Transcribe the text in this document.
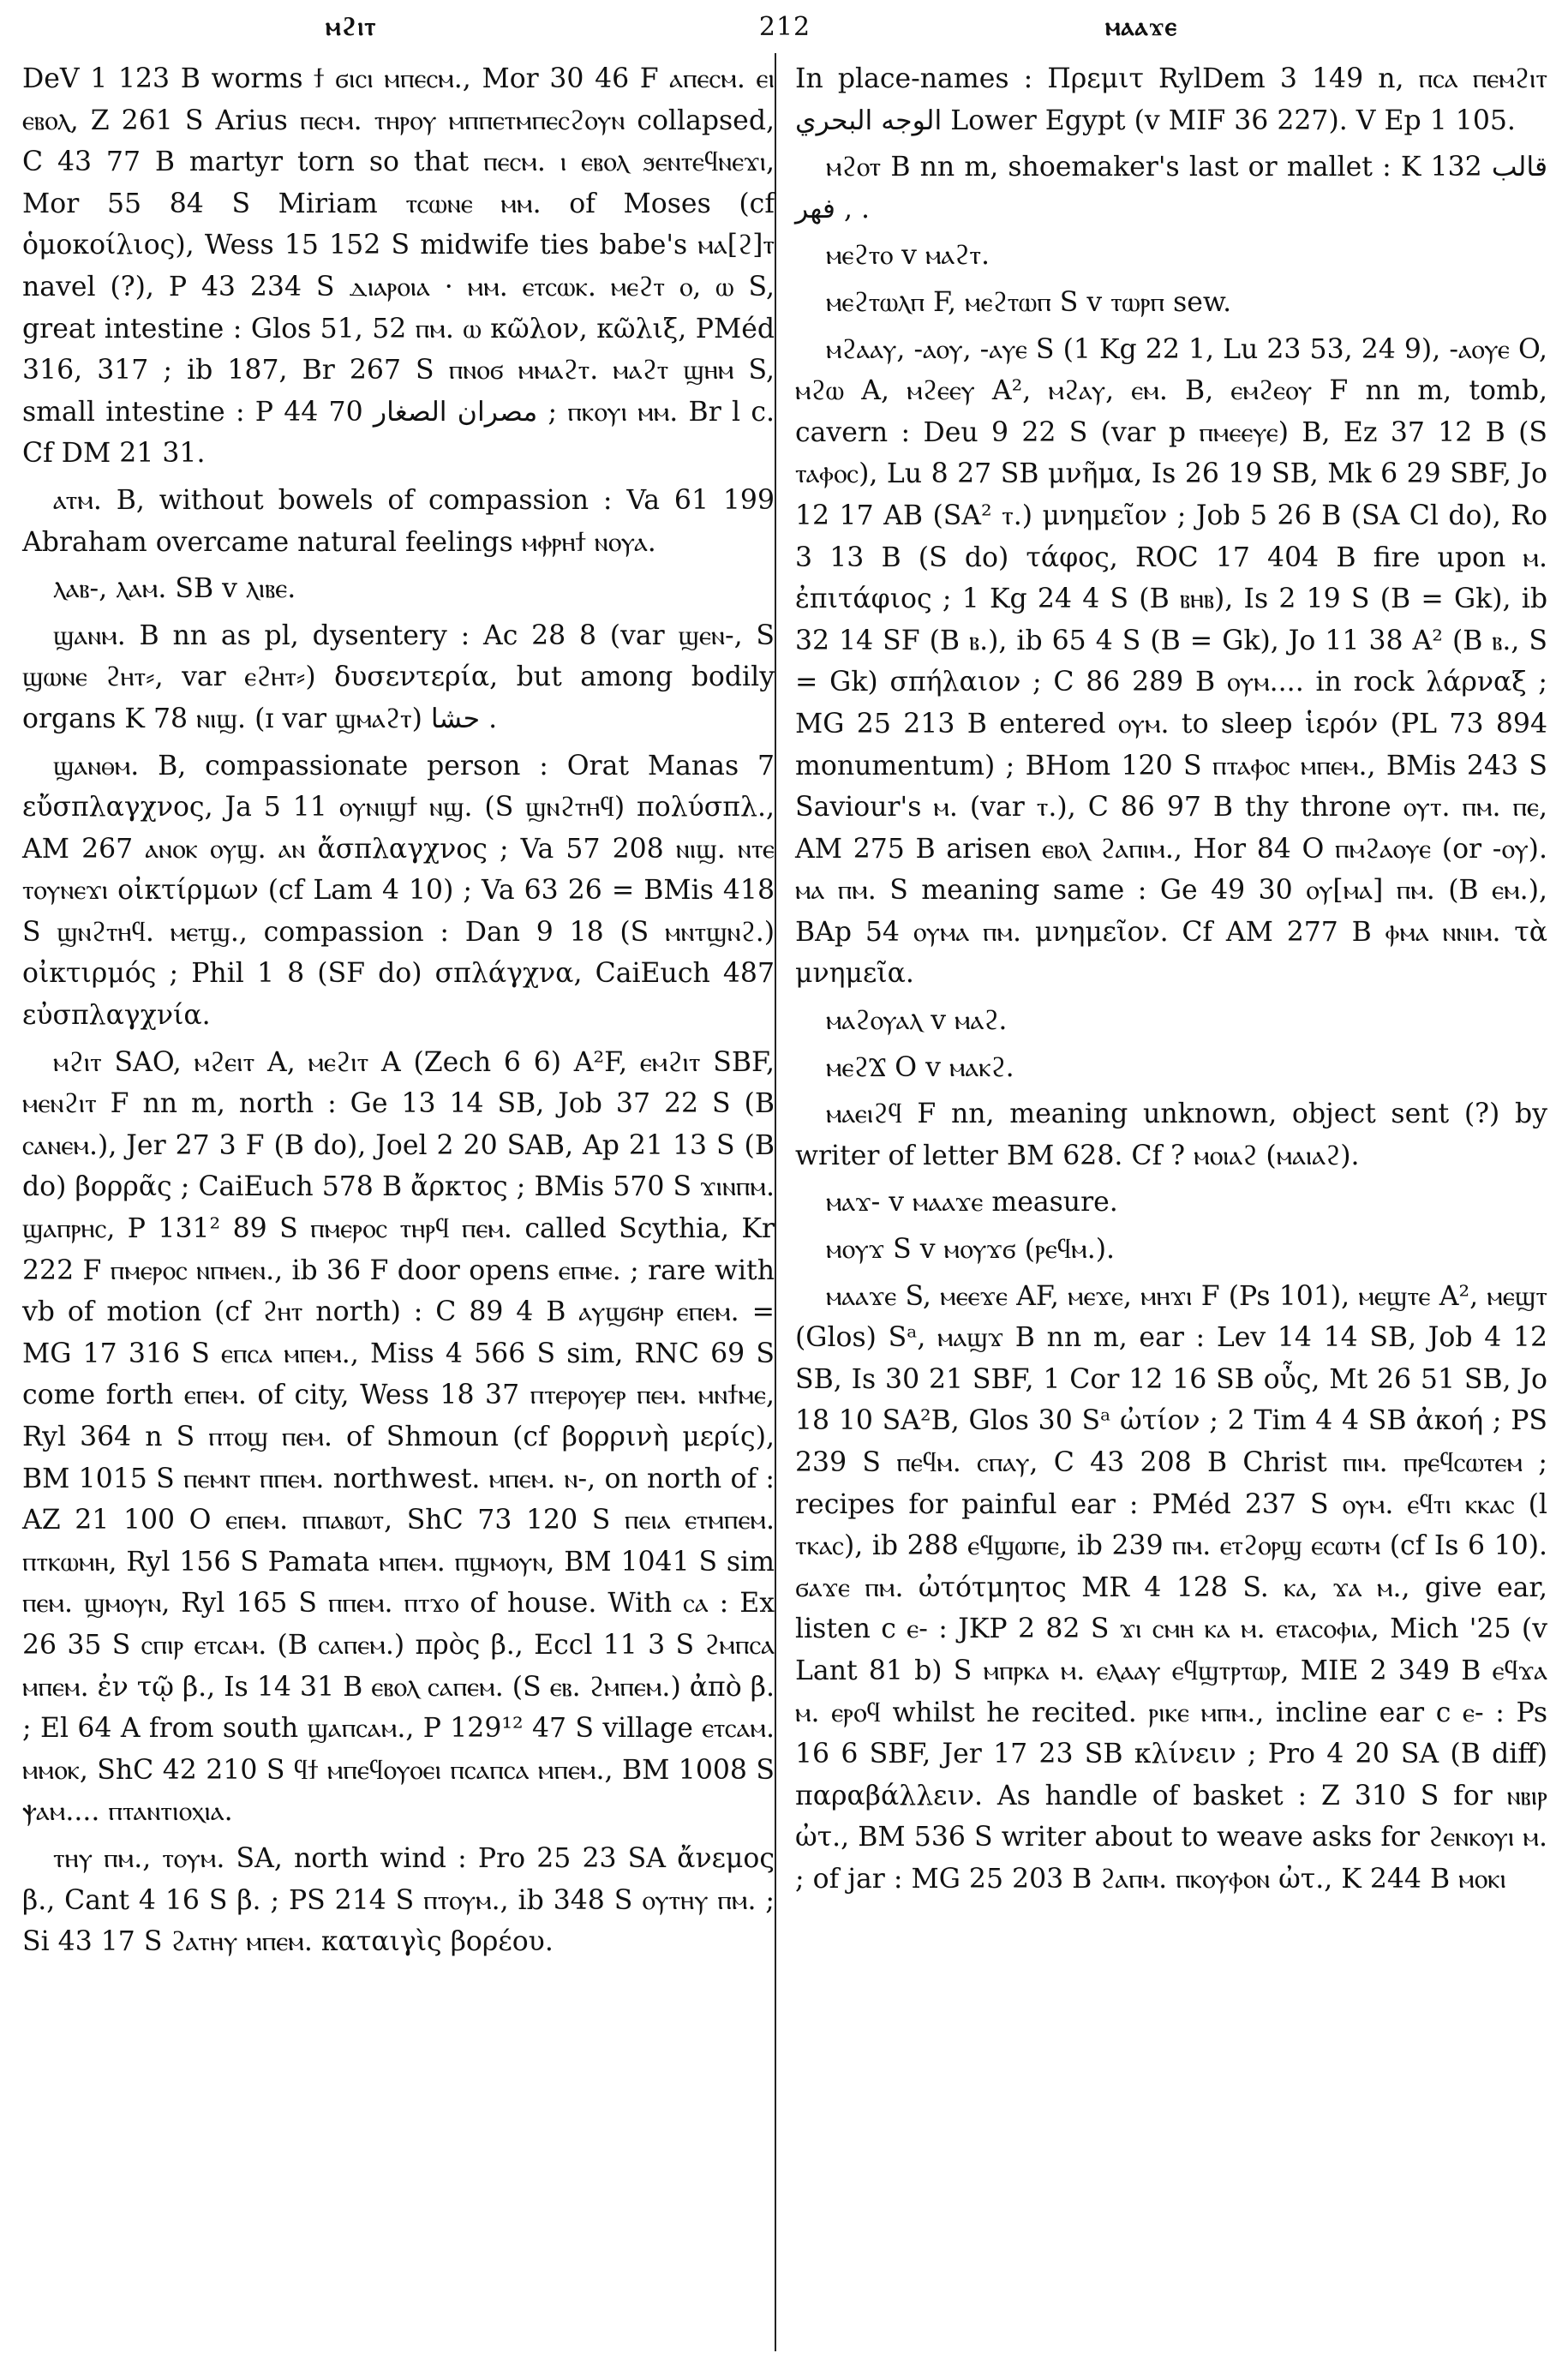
ⲙϩⲓⲧ	212	ⲙⲁⲁϫⲉ

DeV 1 123 B worms ϯ ϭⲓⲥⲓ ⲙⲡⲉⲥⲙ., Mor 30 46 F ⲁⲡⲉⲥⲙ. ⲉⲓ ⲉⲃⲟⲗ, Z 261 S Arius ⲡⲉⲥⲙ. ⲧⲏⲣⲟⲩ ⲙⲡⲡⲉⲧⲙⲡⲉⲥϩⲟⲩⲛ collapsed, C 43 77 B martyr torn so that ⲡⲉⲥⲙ. ⲓ ⲉⲃⲟⲗ ϧⲉⲛⲧⲉϥⲛⲉϫⲓ, Mor 55 84 S Miriam ⲧⲥⲱⲛⲉ ⲙⲙ. of Moses (cf ὁμοκοίλιος), Wess 15 152 S midwife ties babe's ⲙⲁ[ϩ]ⲧ navel (?), P 43 234 S ⲇⲓⲁⲣⲟⲓⲁ · ⲙⲙ. ⲉⲧⲥⲱⲕ. ⲙⲉϩⲧ ⲟ, ⲱ S, great intestine : Glos 51, 52 ⲡⲙ. ⲱ κῶλον, κῶλιξ, PMéd 316, 317 ; ib 187, Br 267 S ⲡⲛⲟϭ ⲙⲙⲁϩⲧ. ⲙⲁϩⲧ ϣⲏⲙ S, small intestine : P 44 70 مصران الصغار ; ⲡⲕⲟⲩⲓ ⲙⲙ. Br l c. Cf DM 21 31.

ⲁⲧⲙ. B, without bowels of compassion : Va 61 199 Abraham overcame natural feelings ⲙⲫⲣⲏϯ ⲛⲟⲩⲁ.

ⲗⲁⲃ-, ⲗⲁⲙ. SB v ⲗⲓⲃⲉ.

ϣⲁⲛⲙ. B nn as pl, dysentery : Ac 28 8 (var ϣⲉⲛ-, S ϣⲱⲛⲉ ϩⲏⲧ⸗, var ⲉϩⲏⲧ⸗) δυσεντερία, but among bodily organs K 78 ⲛⲓϣ. (ɪ var ϣⲙⲁϩⲧ) حشا .

ϣⲁⲛⲑⲙ. B, compassionate person : Orat Manas 7 εὔσπλαγχνος, Ja 5 11 ⲟⲩⲛⲓϣϯ ⲛϣ. (S ϣⲛϩⲧⲏϥ) πολύσπλ., AM 267 ⲁⲛⲟⲕ ⲟⲩϣ. ⲁⲛ ἄσπλαγχνος ; Va 57 208 ⲛⲓϣ. ⲛⲧⲉ ⲧⲟⲩⲛⲉϫⲓ οἰκτίρμων (cf Lam 4 10) ; Va 63 26 = BMis 418 S ϣⲛϩⲧⲏϥ. ⲙⲉⲧϣ., compassion : Dan 9 18 (S ⲙⲛⲧϣⲛϩ.) οἰκτιρμός ; Phil 1 8 (SF do) σπλάγχνα, CaiEuch 487 εὐσπλαγχνία.

ⲙϩⲓⲧ SAO, ⲙϩⲉⲓⲧ A, ⲙⲉϩⲓⲧ A (Zech 6 6) A²F, ⲉⲙϩⲓⲧ SBF, ⲙⲉⲛϩⲓⲧ F nn m, north : Ge 13 14 SB, Job 37 22 S (B ⲥⲁⲛⲉⲙ.), Jer 27 3 F (B do), Joel 2 20 SAB, Ap 21 13 S (B do) βορρᾶς ; CaiEuch 578 B ἄρκτος ; BMis 570 S ϫⲓⲛⲡⲙ. ϣⲁⲡⲣⲏⲥ, P 131² 89 S ⲡⲙⲉⲣⲟⲥ ⲧⲏⲣϥ ⲡⲉⲙ. called Scythia, Kr 222 F ⲡⲙⲉⲣⲟⲥ ⲛⲡⲙⲉⲛ., ib 36 F door opens ⲉⲡⲙⲉ. ; rare with vb of motion (cf ϩⲏⲧ north) : C 89 4 B ⲁⲩϣϭⲏⲣ ⲉⲡⲉⲙ. = MG 17 316 S ⲉⲡⲥⲁ ⲙⲡⲉⲙ., Miss 4 566 S sim, RNC 69 S come forth ⲉⲡⲉⲙ. of city, Wess 18 37 ⲡⲧⲉⲣⲟⲩⲉⲣ ⲡⲉⲙ. ⲙⲛϯⲙⲉ, Ryl 364 n S ⲡⲧⲟϣ ⲡⲉⲙ. of Shmoun (cf βορρινὴ μερίς), BM 1015 S ⲡⲉⲙⲛⲧ ⲡⲡⲉⲙ. northwest. ⲙⲡⲉⲙ. ⲛ-, on north of : AZ 21 100 O ⲉⲡⲉⲙ. ⲡⲡⲁⲃⲱⲧ, ShC 73 120 S ⲡⲉⲓⲁ ⲉⲧⲙⲡⲉⲙ. ⲡⲧⲕⲱⲙⲏ, Ryl 156 S Pamata ⲙⲡⲉⲙ. ⲡϣⲙⲟⲩⲛ, BM 1041 S sim ⲡⲉⲙ. ϣⲙⲟⲩⲛ, Ryl 165 S ⲡⲡⲉⲙ. ⲡⲧϫⲟ of house. With ⲥⲁ : Ex 26 35 S ⲥⲡⲓⲣ ⲉⲧⲥⲁⲙ. (B ⲥⲁⲡⲉⲙ.) πρὸς β., Eccl 11 3 S ϩⲙⲡⲥⲁ ⲙⲡⲉⲙ. ἐν τῷ β., Is 14 31 B ⲉⲃⲟⲗ ⲥⲁⲡⲉⲙ. (S ⲉⲃ. ϩⲙⲡⲉⲙ.) ἀπὸ β. ; El 64 A from south ϣⲁⲡⲥⲁⲙ., P 129¹² 47 S village ⲉⲧⲥⲁⲙ. ⲙⲙⲟⲕ, ShC 42 210 S ϥϯ ⲙⲡⲉϥⲟⲩⲟⲉⲓ ⲡⲥⲁⲡⲥⲁ ⲙⲡⲉⲙ., BM 1008 S ⲯⲁⲙ.... ⲡⲧⲁⲛⲧⲓⲟⲭⲓⲁ.

ⲧⲏⲩ ⲡⲙ., ⲧⲟⲩⲙ. SA, north wind : Pro 25 23 SA ἄνεμος β., Cant 4 16 S β. ; PS 214 S ⲡⲧⲟⲩⲙ., ib 348 S ⲟⲩⲧⲏⲩ ⲡⲙ. ; Si 43 17 S ϩⲁⲧⲏⲩ ⲙⲡⲉⲙ. καταιγὶς βορέου.

In place-names : Πρεμιτ RylDem 3 149 n, ⲡⲥⲁ ⲡⲉⲙϩⲓⲧ الوجه البحري Lower Egypt (v MIF 36 227). V Ep 1 105.

ⲙϩⲟⲧ B nn m, shoemaker's last or mallet : K 132 قالب , فهر .

ⲙⲉϩⲧⲟ v ⲙⲁϩⲧ.

ⲙⲉϩⲧⲱⲗⲡ F, ⲙⲉϩⲧⲱⲡ S v ⲧⲱⲣⲡ sew.

ⲙϩⲁⲁⲩ, -ⲁⲟⲩ, -ⲁⲩⲉ S (1 Kg 22 1, Lu 23 53, 24 9), -ⲁⲟⲩⲉ O, ⲙϩⲱ A, ⲙϩⲉⲉⲩ A², ⲙϩⲁⲩ, ⲉⲙ. B, ⲉⲙϩⲉⲟⲩ F nn m, tomb, cavern : Deu 9 22 S (var p ⲡⲙⲉⲉⲩⲉ) B, Ez 37 12 B (S ⲧⲁⲫⲟⲥ), Lu 8 27 SB μνῆμα, Is 26 19 SB, Mk 6 29 SBF, Jo 12 17 AB (SA² ⲧ.) μνημεῖον ; Job 5 26 B (SA Cl do), Ro 3 13 B (S do) τάφος, ROC 17 404 B fire upon ⲙ. ἐπιτάφιος ; 1 Kg 24 4 S (B ⲃⲏⲃ), Is 2 19 S (B = Gk), ib 32 14 SF (B ⲃ.), ib 65 4 S (B = Gk), Jo 11 38 A² (B ⲃ., S = Gk) σπήλαιον ; C 86 289 B ⲟⲩⲙ.... in rock λάρναξ ; MG 25 213 B entered ⲟⲩⲙ. to sleep ἱερόν (PL 73 894 monumentum) ; BHom 120 S ⲡⲧⲁⲫⲟⲥ ⲙⲡⲉⲙ., BMis 243 S Saviour's ⲙ. (var ⲧ.), C 86 97 B thy throne ⲟⲩⲧ. ⲡⲙ. ⲡⲉ, AM 275 B arisen ⲉⲃⲟⲗ ϩⲁⲡⲓⲙ., Hor 84 O ⲡⲙϩⲁⲟⲩⲉ (or -ⲟⲩ). ⲙⲁ ⲡⲙ. S meaning same : Ge 49 30 ⲟⲩ[ⲙⲁ] ⲡⲙ. (B ⲉⲙ.), BAp 54 ⲟⲩⲙⲁ ⲡⲙ. μνημεῖον. Cf AM 277 B ⲫⲙⲁ ⲛⲛⲓⲙ. τὰ μνημεῖα.

ⲙⲁϩⲟⲩⲁⲗ v ⲙⲁϩ.

ⲙⲉϩϪ O v ⲙⲁⲕϩ.

ⲙⲁⲉⲓϩϥ F nn, meaning unknown, object sent (?) by writer of letter BM 628. Cf ? ⲙⲟⲓⲁϩ (ⲙⲁⲓⲁϩ).

ⲙⲁϫ- v ⲙⲁⲁϫⲉ measure.

ⲙⲟⲩϫ S v ⲙⲟⲩϫϭ (ⲣⲉϥⲙ.).

ⲙⲁⲁϫⲉ S, ⲙⲉⲉϫⲉ AF, ⲙⲉϫⲉ, ⲙⲏϫⲓ F (Ps 101), ⲙⲉϣⲧⲉ A², ⲙⲉϣⲧ (Glos) Sᵃ, ⲙⲁϣϫ B nn m, ear : Lev 14 14 SB, Job 4 12 SB, Is 30 21 SBF, 1 Cor 12 16 SB οὖς, Mt 26 51 SB, Jo 18 10 SA²B, Glos 30 Sᵃ ὠτίον ; 2 Tim 4 4 SB ἀκοή ; PS 239 S ⲡⲉϥⲙ. ⲥⲡⲁⲩ, C 43 208 B Christ ⲡⲓⲙ. ⲡⲣⲉϥⲥⲱⲧⲉⲙ ; recipes for painful ear : PMéd 237 S ⲟⲩⲙ. ⲉϥⲧⲓ ⲕⲕⲁⲥ (l ⲧⲕⲁⲥ), ib 288 ⲉϥϣⲱⲡⲉ, ib 239 ⲡⲙ. ⲉⲧϩⲟⲣϣ ⲉⲥⲱⲧⲙ (cf Is 6 10). ϭⲁϫⲉ ⲡⲙ. ὠτότμητος MR 4 128 S. ⲕⲁ, ϫⲁ ⲙ., give ear, listen c ⲉ- : JKP 2 82 S ϫⲓ ⲥⲙⲏ ⲕⲁ ⲙ. ⲉⲧⲁⲥⲟⲫⲓⲁ, Mich '25 (v Lant 81 b) S ⲙⲡⲣⲕⲁ ⲙ. ⲉⲗⲁⲁⲩ ⲉϥϣⲧⲣⲧⲱⲣ, MIE 2 349 B ⲉϥϫⲁ ⲙ. ⲉⲣⲟϥ whilst he recited. ⲣⲓⲕⲉ ⲙⲡⲙ., incline ear c ⲉ- : Ps 16 6 SBF, Jer 17 23 SB κλίνειν ; Pro 4 20 SA (B diff) παραβάλλειν. As handle of basket : Z 310 S for ⲛⲃⲓⲣ ὠτ., BM 536 S writer about to weave asks for ϩⲉⲛⲕⲟⲩⲓ ⲙ. ; of jar : MG 25 203 B ϩⲁⲡⲙ. ⲡⲕⲟⲩⲫⲟⲛ ὠτ., K 244 B ⲙⲟⲕⲓ
